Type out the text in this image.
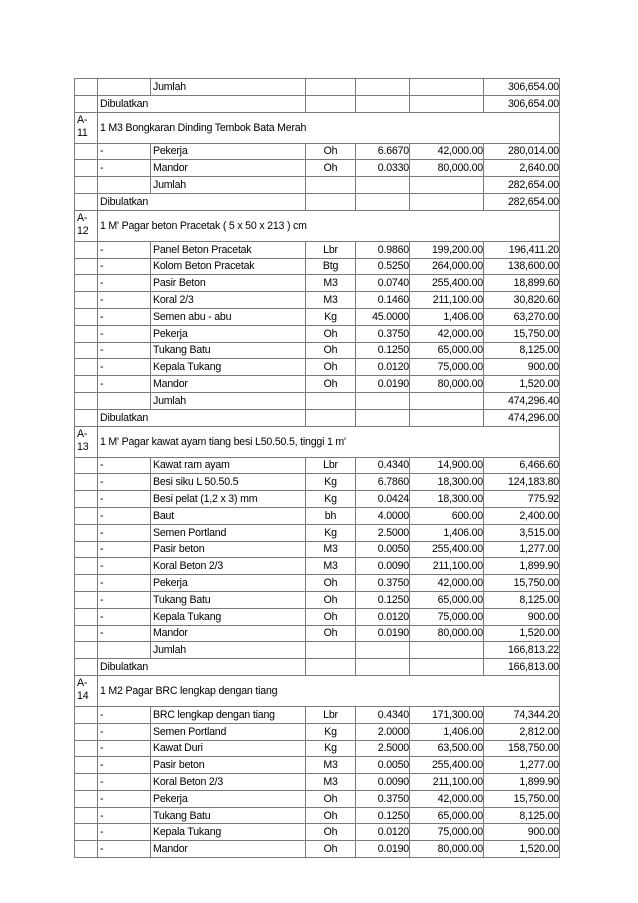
		Jumlah				306,654.00
	Dibulatkan					306,654.00
A-11	1 M3 Bongkaran Dinding Tembok Bata Merah					
	-	Pekerja	Oh	6.6670	42,000.00	280,014.00
	-	Mandor	Oh	0.0330	80,000.00	2,640.00
		Jumlah				282,654.00
	Dibulatkan					282,654.00
A-12	1 M' Pagar beton Pracetak ( 5 x 50 x 213 ) cm					
	-	Panel Beton Pracetak	Lbr	0.9860	199,200.00	196,411.20
	-	Kolom Beton Pracetak	Btg	0.5250	264,000.00	138,600.00
	-	Pasir Beton	M3	0.0740	255,400.00	18,899.60
	-	Koral 2/3	M3	0.1460	211,100.00	30,820.60
	-	Semen abu - abu	Kg	45.0000	1,406.00	63,270.00
	-	Pekerja	Oh	0.3750	42,000.00	15,750.00
	-	Tukang Batu	Oh	0.1250	65,000.00	8,125.00
	-	Kepala Tukang	Oh	0.0120	75,000.00	900.00
	-	Mandor	Oh	0.0190	80,000.00	1,520.00
		Jumlah				474,296.40
	Dibulatkan					474,296.00
A-13	1 M' Pagar kawat ayam tiang besi L50.50.5, tinggi 1 m'					
	-	Kawat ram ayam	Lbr	0.4340	14,900.00	6,466.60
	-	Besi siku L 50.50.5	Kg	6.7860	18,300.00	124,183.80
	-	Besi pelat (1,2 x 3) mm	Kg	0.0424	18,300.00	775.92
	-	Baut	bh	4.0000	600.00	2,400.00
	-	Semen Portland	Kg	2.5000	1,406.00	3,515.00
	-	Pasir beton	M3	0.0050	255,400.00	1,277.00
	-	Koral Beton 2/3	M3	0.0090	211,100.00	1,899.90
	-	Pekerja	Oh	0.3750	42,000.00	15,750.00
	-	Tukang Batu	Oh	0.1250	65,000.00	8,125.00
	-	Kepala Tukang	Oh	0.0120	75,000.00	900.00
	-	Mandor	Oh	0.0190	80,000.00	1,520.00
		Jumlah				166,813.22
	Dibulatkan					166,813.00
A-14	1 M2 Pagar BRC lengkap dengan tiang					
	-	BRC lengkap dengan tiang	Lbr	0.4340	171,300.00	74,344.20
	-	Semen Portland	Kg	2.0000	1,406.00	2,812.00
	-	Kawat Duri	Kg	2.5000	63,500.00	158,750.00
	-	Pasir beton	M3	0.0050	255,400.00	1,277.00
	-	Koral Beton 2/3	M3	0.0090	211,100.00	1,899.90
	-	Pekerja	Oh	0.3750	42,000.00	15,750.00
	-	Tukang Batu	Oh	0.1250	65,000.00	8,125.00
	-	Kepala Tukang	Oh	0.0120	75,000.00	900.00
	-	Mandor	Oh	0.0190	80,000.00	1,520.00
